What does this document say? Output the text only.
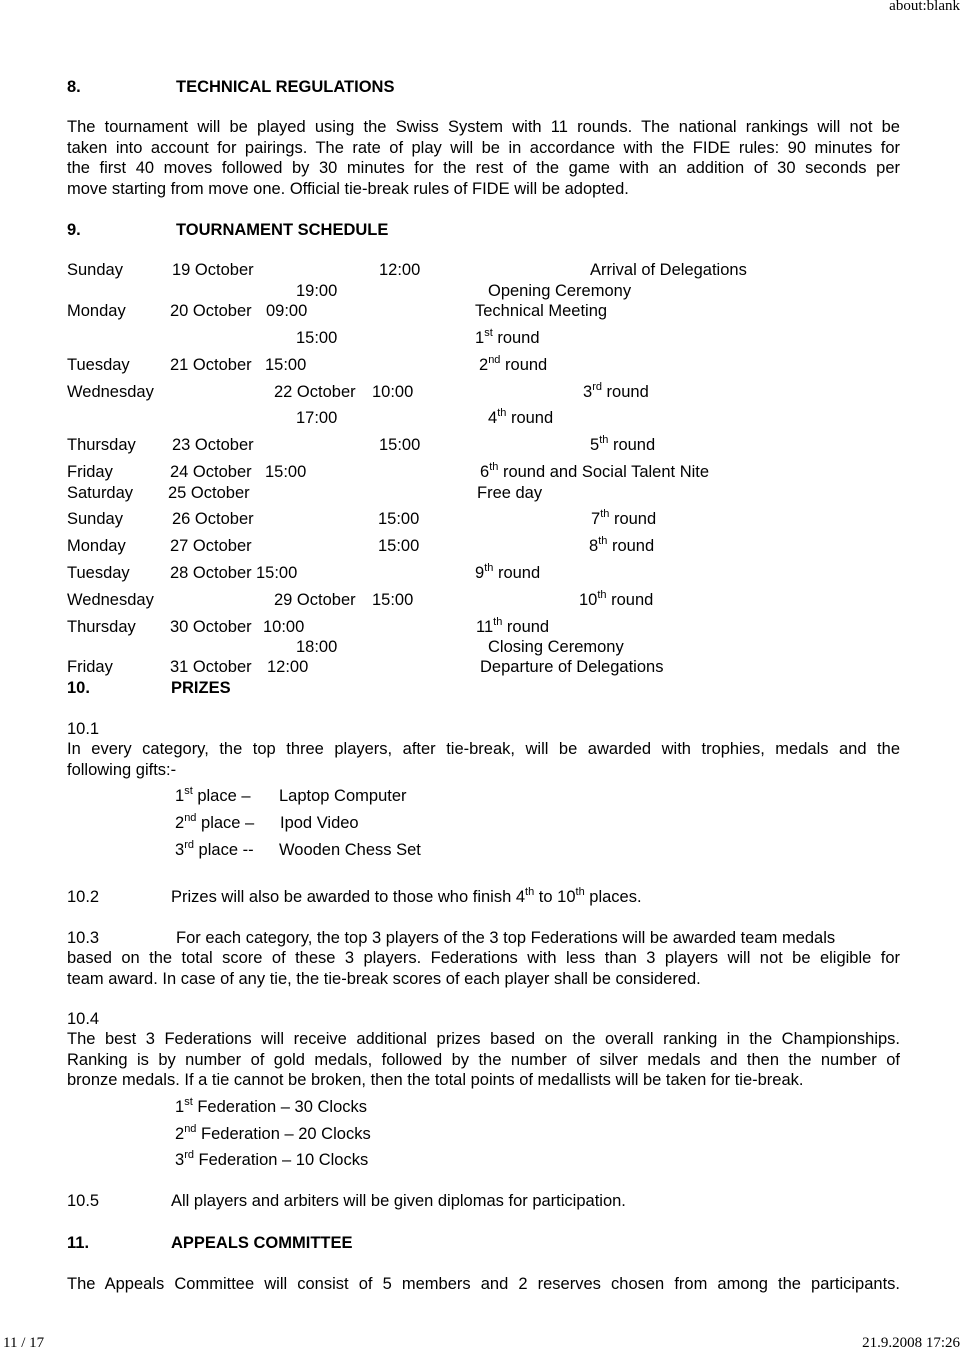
about:blank
8.	TECHNICAL REGULATIONS
The tournament will be played using the Swiss System with 11 rounds. The national rankings will not be
taken into account for pairings. The rate of play will be in accordance with the FIDE rules: 90 minutes for
the first 40 moves followed by 30 minutes for the rest of the game with an addition of 30 seconds per
move starting from move one. Official tie-break rules of FIDE will be adopted.
9.	TOURNAMENT SCHEDULE
Sunday	19 October	12:00	Arrival of Delegations
19:00	Opening Ceremony
Monday	20 October 09:00	Technical Meeting
15:00	1st round
Tuesday 21 October 15:00	2nd round
Wednesday	22 October 10:00	3rd round
17:00	4th round
Thursday 23 October	15:00	5th round
Friday	24 October 15:00	6th round and Social Talent Nite
Saturday 25 October	Free day
Sunday	26 October	15:00	7th round
Monday	27 October	15:00	8th round
Tuesday 28 October 15:00	9th round
Wednesday	29 October 15:00	10th round
Thursday 30 October 10:00	11th round
18:00	Closing Ceremony
Friday	31 October 12:00	Departure of Delegations
10.	PRIZES
10.1
In every category, the top three players, after tie-break, will be awarded with trophies, medals and the
following gifts:-
1st place – Laptop Computer
2nd place – Ipod Video
3rd place -- Wooden Chess Set
10.2	Prizes will also be awarded to those who finish 4th to 10th places.
10.3	For each category, the top 3 players of the 3 top Federations will be awarded team medals
based on the total score of these 3 players. Federations with less than 3 players will not be eligible for
team award. In case of any tie, the tie-break scores of each player shall be considered.
10.4
The best 3 Federations will receive additional prizes based on the overall ranking in the Championships.
Ranking is by number of gold medals, followed by the number of silver medals and then the number of
bronze medals. If a tie cannot be broken, then the total points of medallists will be taken for tie-break.
1st Federation – 30 Clocks
2nd Federation – 20 Clocks
3rd Federation – 10 Clocks
10.5	All players and arbiters will be given diplomas for participation.
11.	APPEALS COMMITTEE
The Appeals Committee will consist of 5 members and 2 reserves chosen from among the participants.
11 / 17	21.9.2008 17:26
